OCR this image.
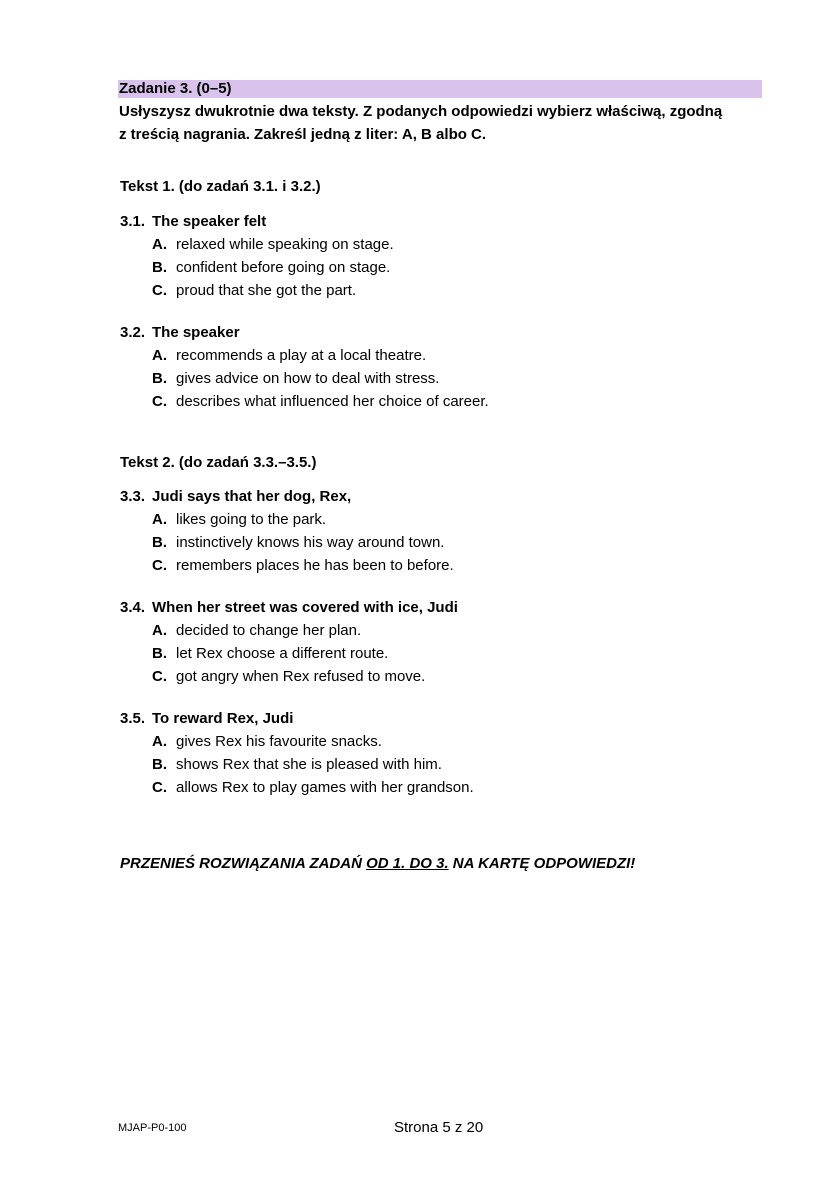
Zadanie 3. (0–5)
Usłyszysz dwukrotnie dwa teksty. Z podanych odpowiedzi wybierz właściwą, zgodną
z treścią nagrania. Zakreśl jedną z liter: A, B albo C.
Tekst 1. (do zadań 3.1. i 3.2.)
3.1. The speaker felt
A. relaxed while speaking on stage.
B. confident before going on stage.
C. proud that she got the part.
3.2. The speaker
A. recommends a play at a local theatre.
B. gives advice on how to deal with stress.
C. describes what influenced her choice of career.
Tekst 2. (do zadań 3.3.–3.5.)
3.3. Judi says that her dog, Rex,
A. likes going to the park.
B. instinctively knows his way around town.
C. remembers places he has been to before.
3.4. When her street was covered with ice, Judi
A. decided to change her plan.
B. let Rex choose a different route.
C. got angry when Rex refused to move.
3.5. To reward Rex, Judi
A. gives Rex his favourite snacks.
B. shows Rex that she is pleased with him.
C. allows Rex to play games with her grandson.
PRZENIEŚ ROZWIĄZANIA ZADAŃ OD 1. DO 3. NA KARTĘ ODPOWIEDZI!
MJAP-P0-100	Strona 5 z 20
